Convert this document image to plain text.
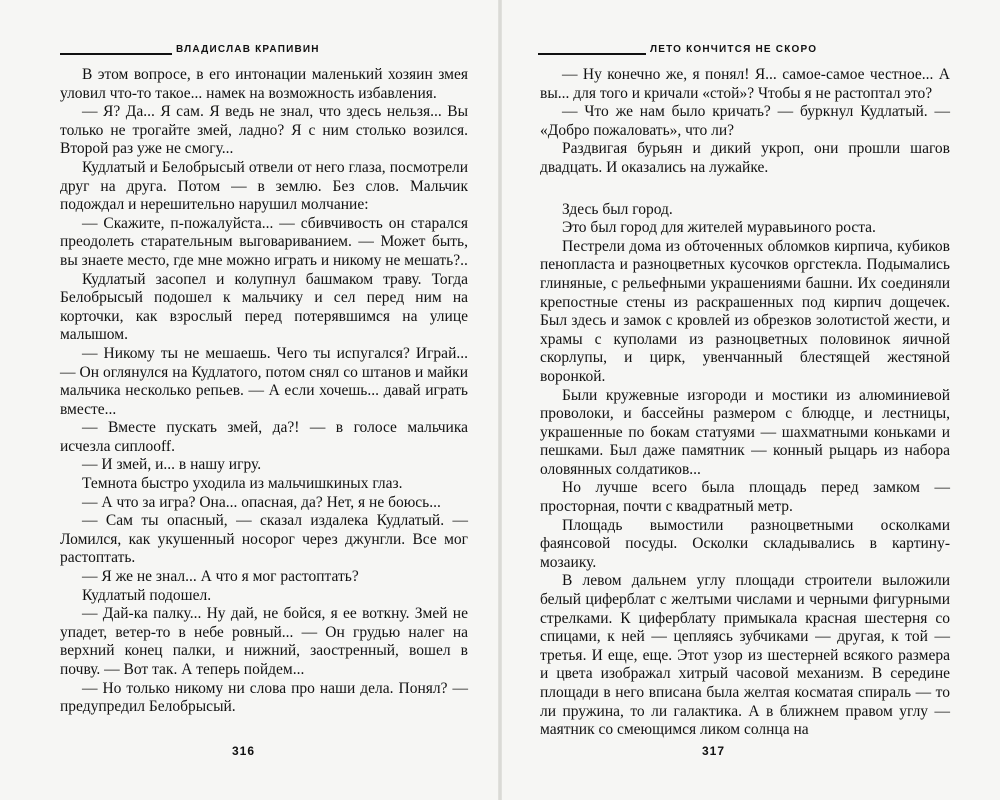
ВЛАДИСЛАВ КРАПИВИН

В этом вопросе, в его интонации маленький хозяин змея уловил что-то такое... намек на возможность избавления.

— Я? Да... Я сам. Я ведь не знал, что здесь нельзя... Вы только не трогайте змей, ладно? Я с ним столько возился. Второй раз уже не смогу...

Кудлатый и Белобрысый отвели от него глаза, посмотрели друг на друга. Потом — в землю. Без слов. Мальчик подождал и нерешительно нарушил молчание:

— Скажите, п-пожалуйста... — сбивчивость он старался преодолеть старательным выговариванием. — Может быть, вы знаете место, где мне можно играть и никому не мешать?..

Кудлатый засопел и колупнул башмаком траву. Тогда Белобрысый подошел к мальчику и сел перед ним на корточки, как взрослый перед потерявшимся на улице малышом.

— Никому ты не мешаешь. Чего ты испугался? Играй... — Он оглянулся на Кудлатого, потом снял со штанов и майки мальчика несколько репьев. — А если хочешь... давай играть вместе...

— Вместе пускать змей, да?! — в голосе мальчика исчезла сиплоoff.

— И змей, и... в нашу игру.

Темнота быстро уходила из мальчишкиных глаз.

— А что за игра? Она... опасная, да? Нет, я не боюсь...

— Сам ты опасный, — сказал издалека Кудлатый. — Ломился, как укушенный носорог через джунгли. Все мог растоптать.

— Я же не знал... А что я мог растоптать?

Кудлатый подошел.

— Дай-ка палку... Ну дай, не бойся, я ее воткну. Змей не упадет, ветер-то в небе ровный... — Он грудью налег на верхний конец палки, и нижний, заостренный, вошел в почву. — Вот так. А теперь пойдем...

— Но только никому ни слова про наши дела. Понял? — предупредил Белобрысый.

316
ЛЕТО КОНЧИТСЯ НЕ СКОРО

— Ну конечно же, я понял! Я... самое-самое честное... А вы... для того и кричали «стой»? Чтобы я не растоптал это?

— Что же нам было кричать? — буркнул Кудлатый. — «Добро пожаловать», что ли?

Раздвигая бурьян и дикий укроп, они прошли шагов двадцать. И оказались на лужайке.

Здесь был город.

Это был город для жителей муравьиного роста.

Пестрели дома из обточенных обломков кирпича, кубиков пенопласта и разноцветных кусочков оргстекла. Подымались глиняные, с рельефными украшениями башни. Их соединяли крепостные стены из раскрашенных под кирпич дощечек. Был здесь и замок с кровлей из обрезков золотистой жести, и храмы с куполами из разноцветных половинок яичной скорлупы, и цирк, увенчанный блестящей жестяной воронкой.

Были кружевные изгороди и мостики из алюминиевой проволоки, и бассейны размером с блюдце, и лестницы, украшенные по бокам статуями — шахматными коньками и пешками. Был даже памятник — конный рыцарь из набора оловянных солдатиков...

Но лучше всего была площадь перед замком — просторная, почти с квадратный метр.

Площадь вымостили разноцветными осколками фаянсовой посуды. Осколки складывались в картину-мозаику.

В левом дальнем углу площади строители выложили белый циферблат с желтыми числами и черными фигурными стрелками. К циферблату примыкала красная шестерня со спицами, к ней — цепляясь зубчиками — другая, к той — третья. И еще, еще. Этот узор из шестерней всякого размера и цвета изображал хитрый часовой механизм. В середине площади в него вписана была желтая косматая спираль — то ли пружина, то ли галактика. А в ближнем правом углу — маятник со смеющимся ликом солнца на

317
